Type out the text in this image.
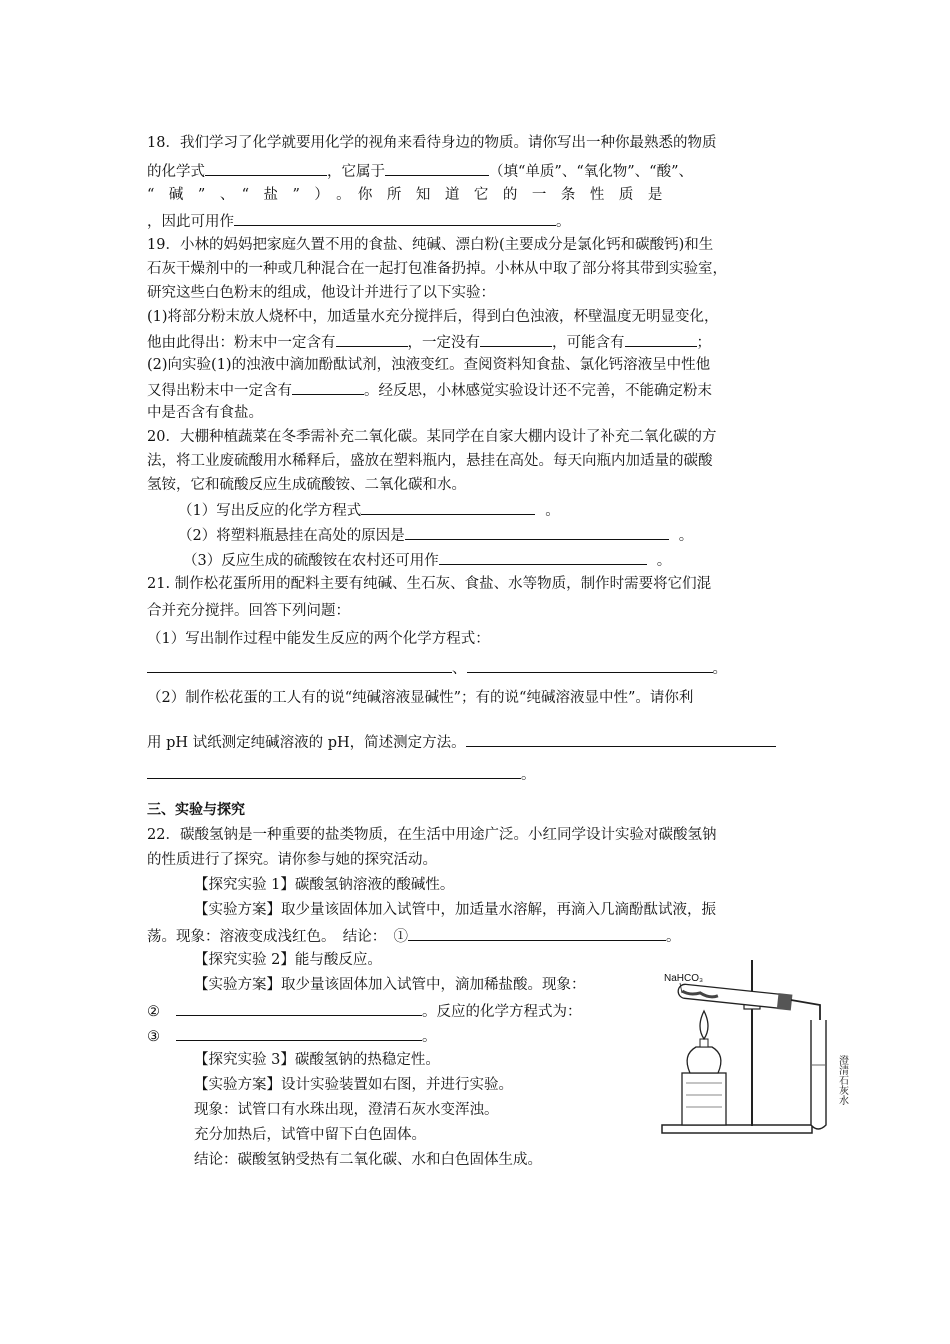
18．我们学习了化学就要用化学的视角来看待身边的物质。请你写出一种你最熟悉的物质
的化学式	，它属于	（填“单质”、“氧化物”、“酸”、
“　碱　”　、　“　盐　”　）　。　你　所　知　道　它　的　一　条　性　质　是
，因此可用作	。
19．小林的妈妈把家庭久置不用的食盐、纯碱、漂白粉(主要成分是氯化钙和碳酸钙)和生
石灰干燥剂中的一种或几种混合在一起打包准备扔掉。小林从中取了部分将其带到实验室，
研究这些白色粉末的组成，他设计并进行了以下实验：
(1)将部分粉末放人烧杯中，加适量水充分搅拌后，得到白色浊液，杯壁温度无明显变化，
他由此得出：粉末中一定含有	，一定没有	，可能含有	；
(2)向实验(1)的浊液中滴加酚酞试剂，浊液变红。查阅资料知食盐、氯化钙溶液呈中性他
又得出粉末中一定含有	。经反思，小林感觉实验设计还不完善，不能确定粉末
中是否含有食盐。
20．大棚种植蔬菜在冬季需补充二氧化碳。某同学在自家大棚内设计了补充二氧化碳的方
法，将工业废硫酸用水稀释后，盛放在塑料瓶内，悬挂在高处。每天向瓶内加适量的碳酸
氢铵，它和硫酸反应生成硫酸铵、二氧化碳和水。
（1）写出反应的化学方程式	。
（2）将塑料瓶悬挂在高处的原因是	。
（3）反应生成的硫酸铵在农村还可用作	。
21. 制作松花蛋所用的配料主要有纯碱、生石灰、食盐、水等物质，制作时需要将它们混
合并充分搅拌。回答下列问题：
（1）写出制作过程中能发生反应的两个化学方程式：
、	。
（2）制作松花蛋的工人有的说“纯碱溶液显碱性”；有的说“纯碱溶液显中性”。请你利
用 pH 试纸测定纯碱溶液的 pH，简述测定方法。
。
三、实验与探究
22．碳酸氢钠是一种重要的盐类物质，在生活中用途广泛。小红同学设计实验对碳酸氢钠
的性质进行了探究。请你参与她的探究活动。
【探究实验 1】碳酸氢钠溶液的酸碱性。
【实验方案】取少量该固体加入试管中，加适量水溶解，再滴入几滴酚酞试液，振
荡。现象：溶液变成浅红色。　结论：　①	。
【探究实验 2】能与酸反应。
【实验方案】取少量该固体加入试管中，滴加稀盐酸。现象：
②	。反应的化学方程式为：
③	。
【探究实验 3】碳酸氢钠的热稳定性。
【实验方案】设计实验装置如右图，并进行实验。
现象：试管口有水珠出现，澄清石灰水变浑浊。
充分加热后，试管中留下白色固体。
结论：碳酸氢钠受热有二氧化碳、水和白色固体生成。
NaHCO₃
澄清石灰水
